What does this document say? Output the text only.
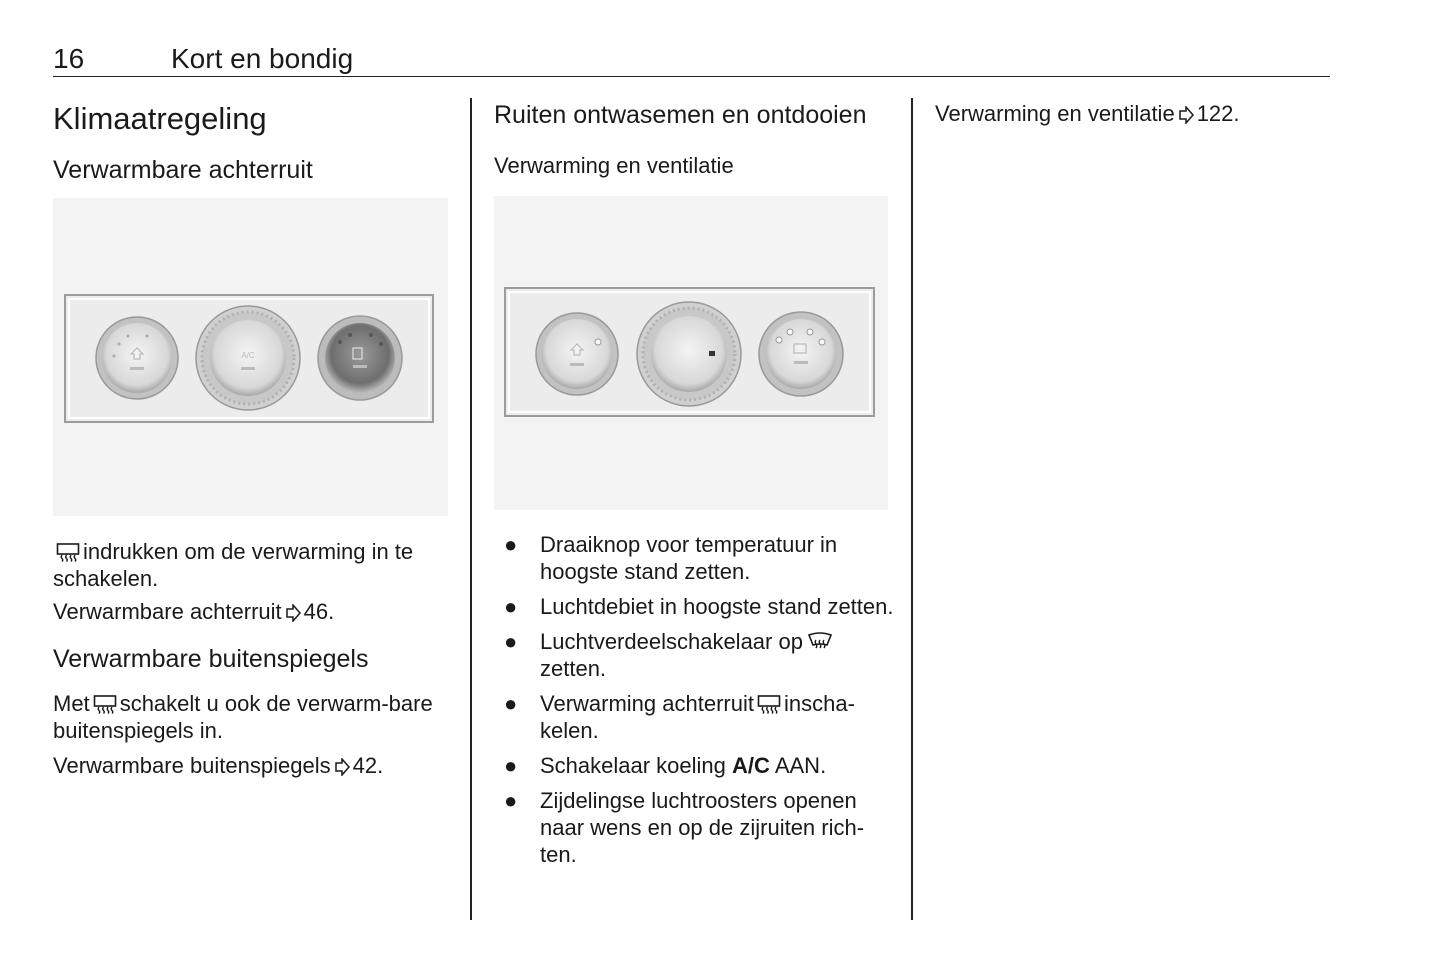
16	Kort en bondig
Klimaatregeling
Verwarmbare achterruit
A/C

indrukken om de verwarming in te schakelen.

Verwarmbare achterruit 46.

Verwarmbare buitenspiegels

Met schakelt u ook de verwarm-bare buitenspiegels in.

Verwarmbare buitenspiegels 42.

Ruiten ontwasemen en ontdooien
Verwarming en ventilatie
● Draaiknop voor temperatuur in hoogste stand zetten.
● Luchtdebiet in hoogste stand zetten.
● Luchtverdeelschakelaar opzetten.
● Verwarming achterruit inscha-kelen.
● Schakelaar koeling A/C AAN.
● Zijdelingse luchtroosters openen naar wens en op de zijruiten rich-ten.

Verwarming en ventilatie 122.
